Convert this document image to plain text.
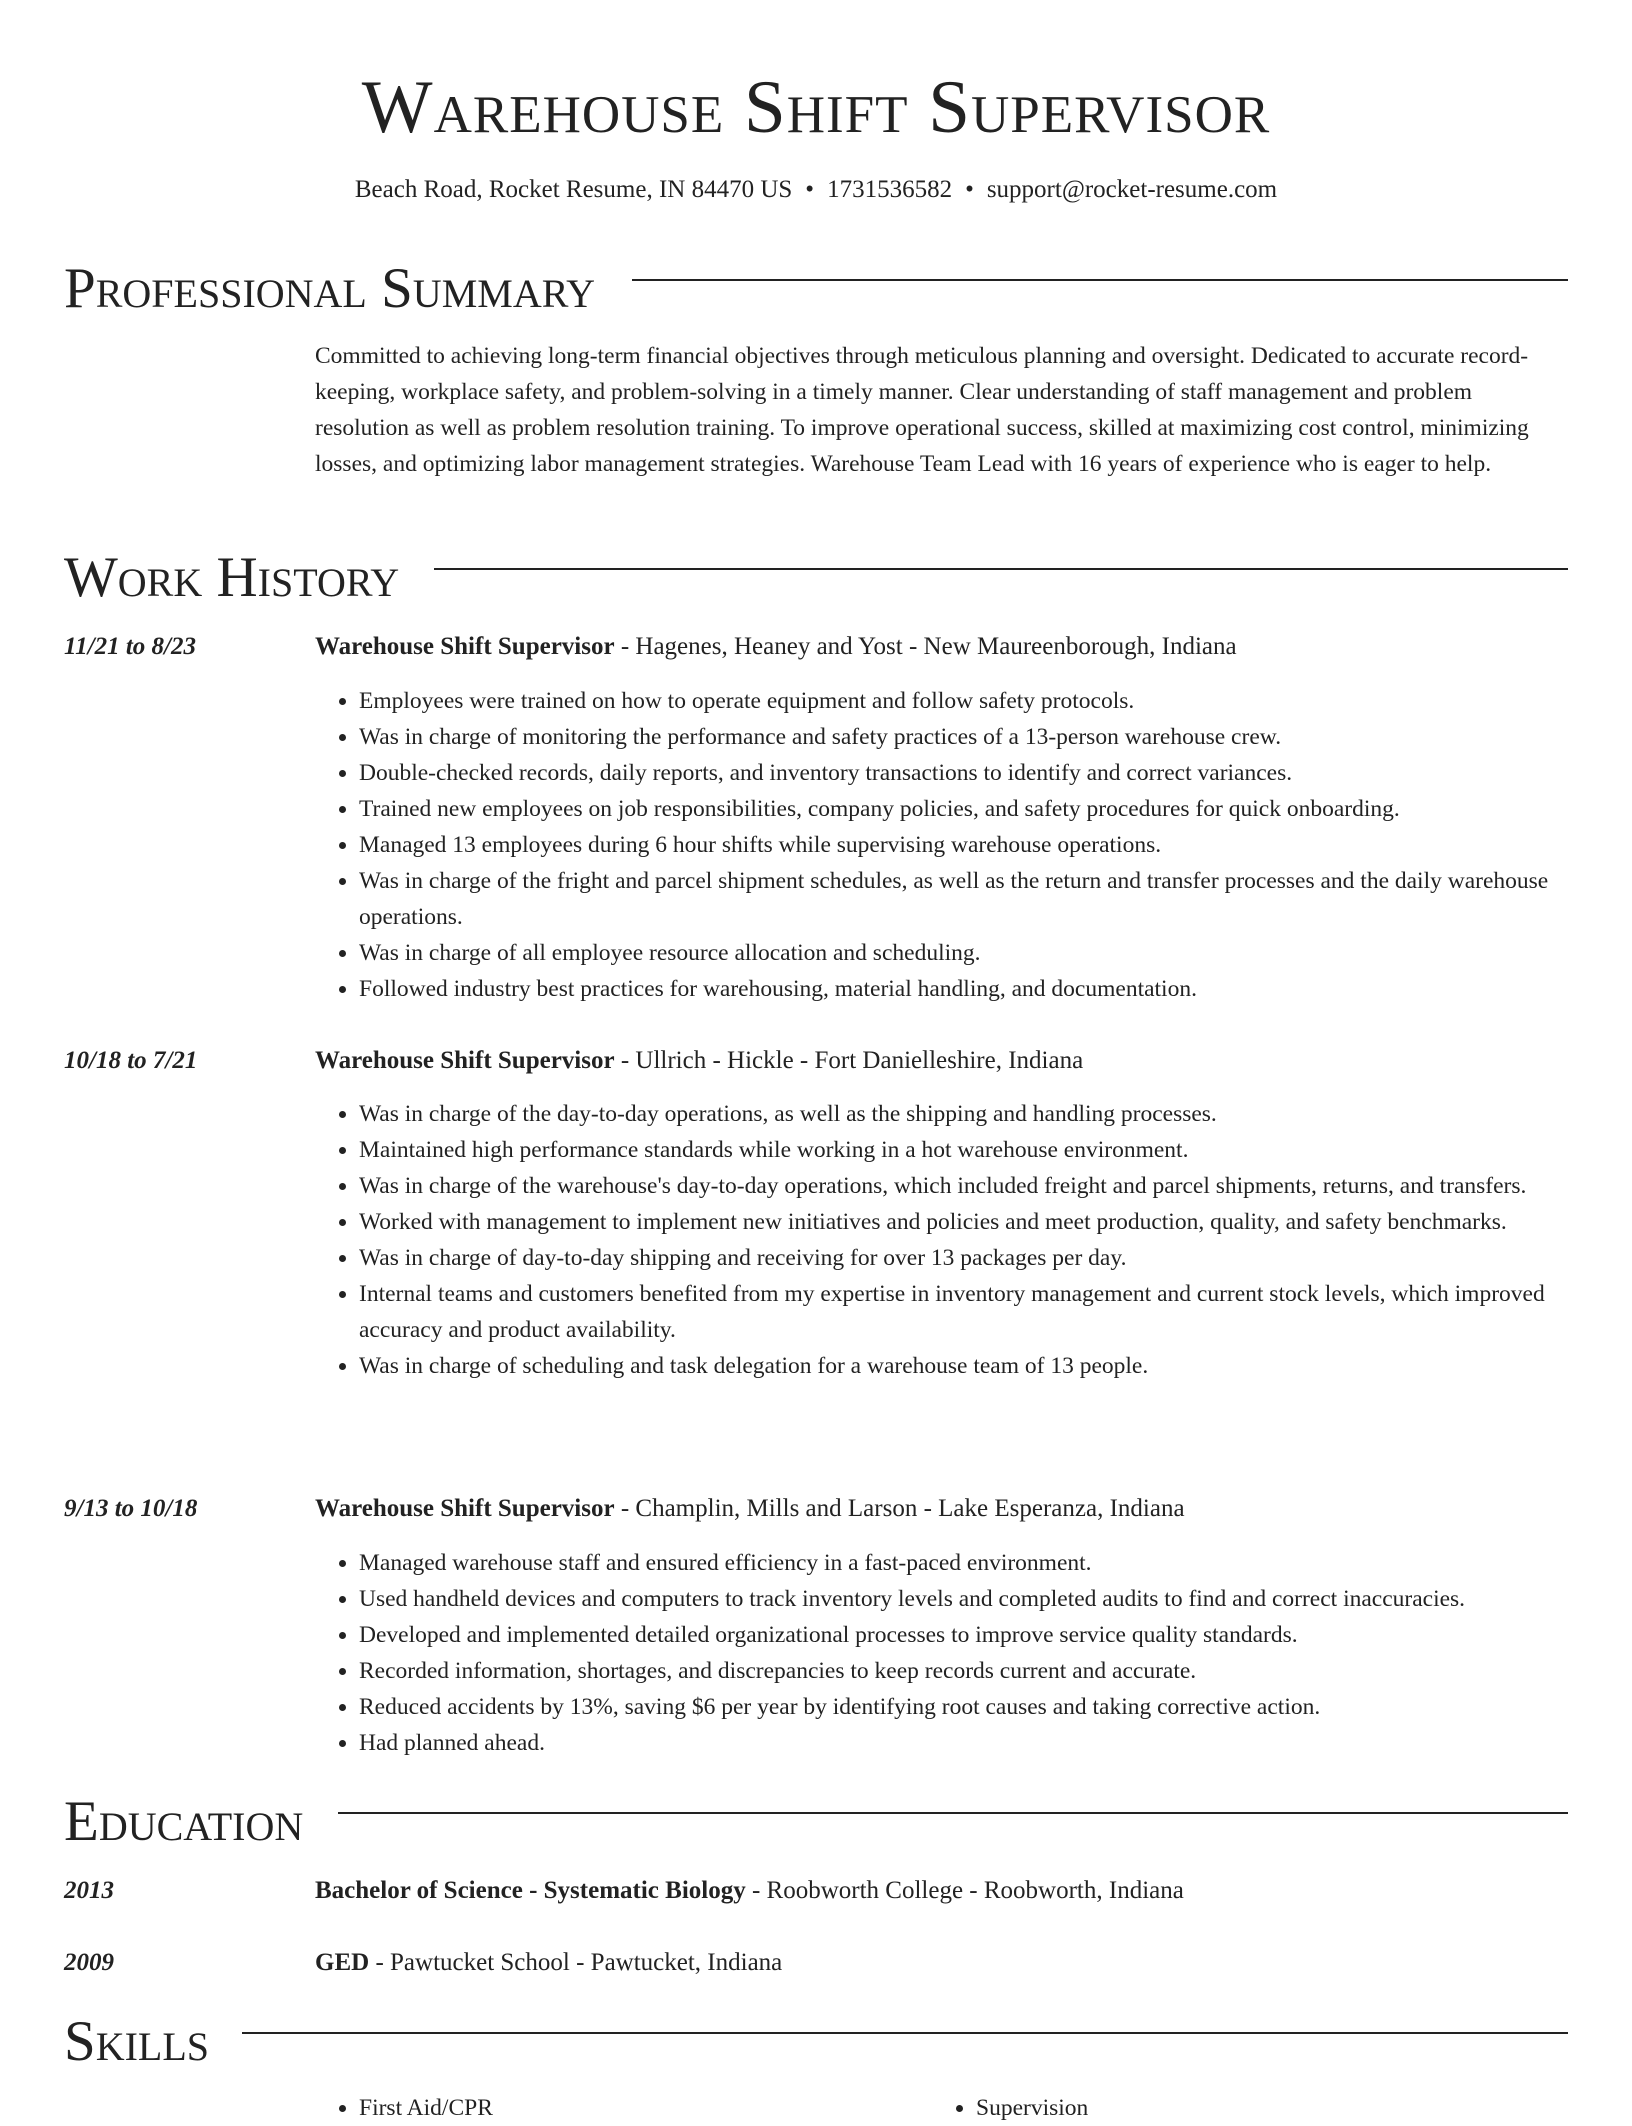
Warehouse Shift Supervisor
Beach Road, Rocket Resume, IN 84470 US • 1731536582 • support@rocket-resume.com
Professional Summary

Committed to achieving long-term financial objectives through meticulous planning and oversight. Dedicated to accurate record-keeping, workplace safety, and problem-solving in a timely manner. Clear understanding of staff management and problem resolution as well as problem resolution training. To improve operational success, skilled at maximizing cost control, minimizing losses, and optimizing labor management strategies. Warehouse Team Lead with 16 years of experience who is eager to help.

Work History
11/21 to 8/23	Warehouse Shift Supervisor - Hagenes, Heaney and Yost - New Maureenborough, Indiana
• Employees were trained on how to operate equipment and follow safety protocols.
• Was in charge of monitoring the performance and safety practices of a 13-person warehouse crew.
• Double-checked records, daily reports, and inventory transactions to identify and correct variances.
• Trained new employees on job responsibilities, company policies, and safety procedures for quick onboarding.
• Managed 13 employees during 6 hour shifts while supervising warehouse operations.
• Was in charge of the fright and parcel shipment schedules, as well as the return and transfer processes and the daily warehouse operations.
• Was in charge of all employee resource allocation and scheduling.
• Followed industry best practices for warehousing, material handling, and documentation.
10/18 to 7/21	Warehouse Shift Supervisor - Ullrich - Hickle - Fort Danielleshire, Indiana
• Was in charge of the day-to-day operations, as well as the shipping and handling processes.
• Maintained high performance standards while working in a hot warehouse environment.
• Was in charge of the warehouse's day-to-day operations, which included freight and parcel shipments, returns, and transfers.
• Worked with management to implement new initiatives and policies and meet production, quality, and safety benchmarks.
• Was in charge of day-to-day shipping and receiving for over 13 packages per day.
• Internal teams and customers benefited from my expertise in inventory management and current stock levels, which improved accuracy and product availability.
• Was in charge of scheduling and task delegation for a warehouse team of 13 people.
9/13 to 10/18	Warehouse Shift Supervisor - Champlin, Mills and Larson - Lake Esperanza, Indiana
• Managed warehouse staff and ensured efficiency in a fast-paced environment.
• Used handheld devices and computers to track inventory levels and completed audits to find and correct inaccuracies.
• Developed and implemented detailed organizational processes to improve service quality standards.
• Recorded information, shortages, and discrepancies to keep records current and accurate.
• Reduced accidents by 13%, saving $6 per year by identifying root causes and taking corrective action.
• Had planned ahead.
Education
2013	Bachelor of Science - Systematic Biology - Roobworth College - Roobworth, Indiana
2009	GED - Pawtucket School - Pawtucket, Indiana
Skills
• First Aid/CPR
•	Supervision
